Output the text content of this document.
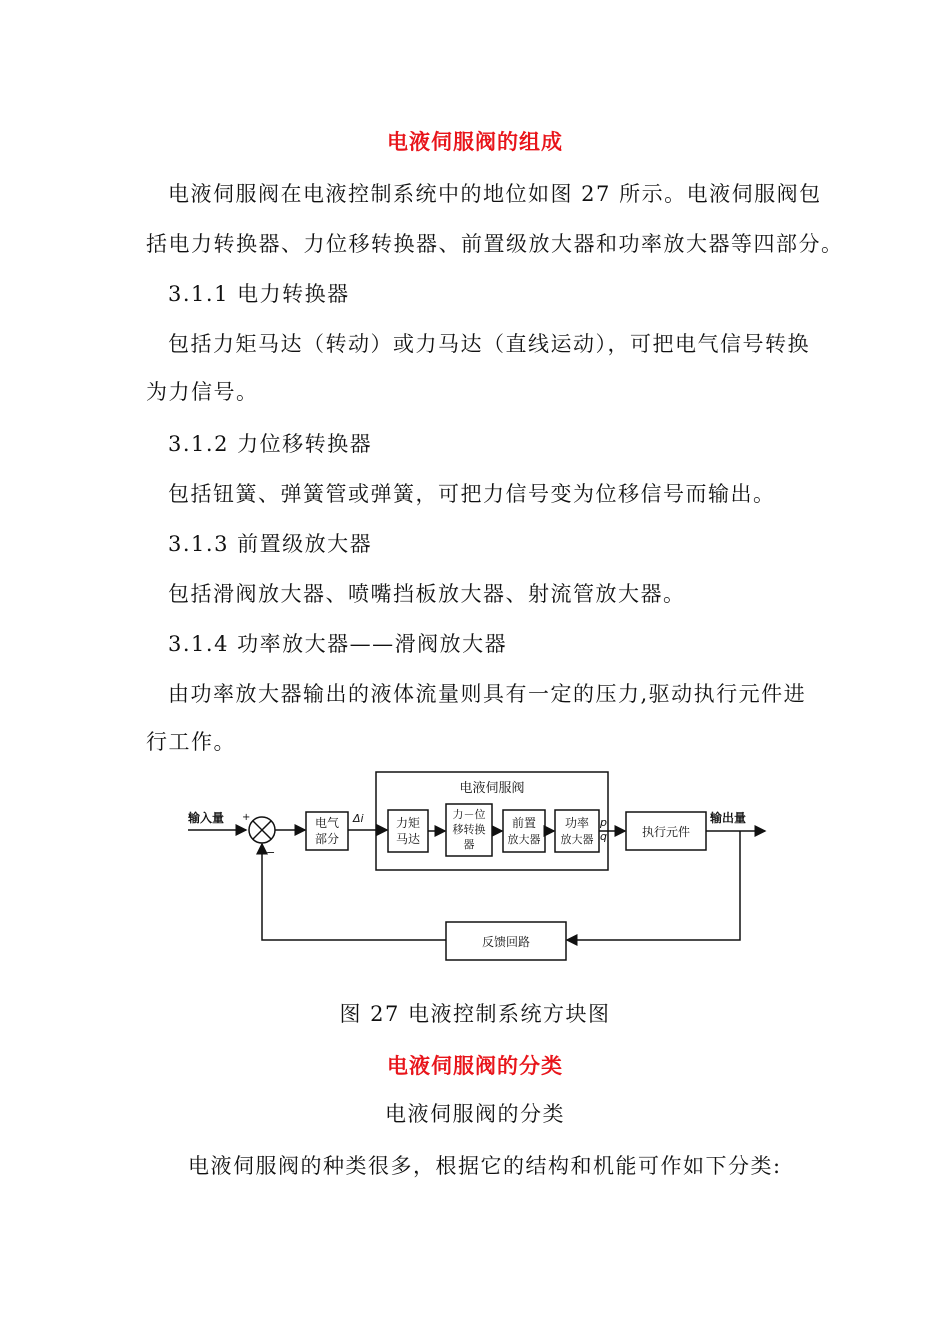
电液伺服阀的组成
电液伺服阀在电液控制系统中的地位如图 27 所示。电液伺服阀包
括电力转换器、力位移转换器、前置级放大器和功率放大器等四部分。
3.1.1 电力转换器
包括力矩马达（转动）或力马达（直线运动），可把电气信号转换
为力信号。
3.1.2 力位移转换器
包括钮簧、弹簧管或弹簧，可把力信号变为位移信号而输出。
3.1.3 前置级放大器
包括滑阀放大器、喷嘴挡板放大器、射流管放大器。
3.1.4 功率放大器——滑阀放大器
由功率放大器输出的液体流量则具有一定的压力,驱动执行元件进
行工作。
电液伺服阀
输入量 +
−
电气
部分
Δi	力矩
马达
力－位
移转换
器
前置
放大器
功率
放大器
p
q	执行元件
输出量
反馈回路
图 27 电液控制系统方块图
电液伺服阀的分类
电液伺服阀的分类
电液伺服阀的种类很多，根据它的结构和机能可作如下分类:
